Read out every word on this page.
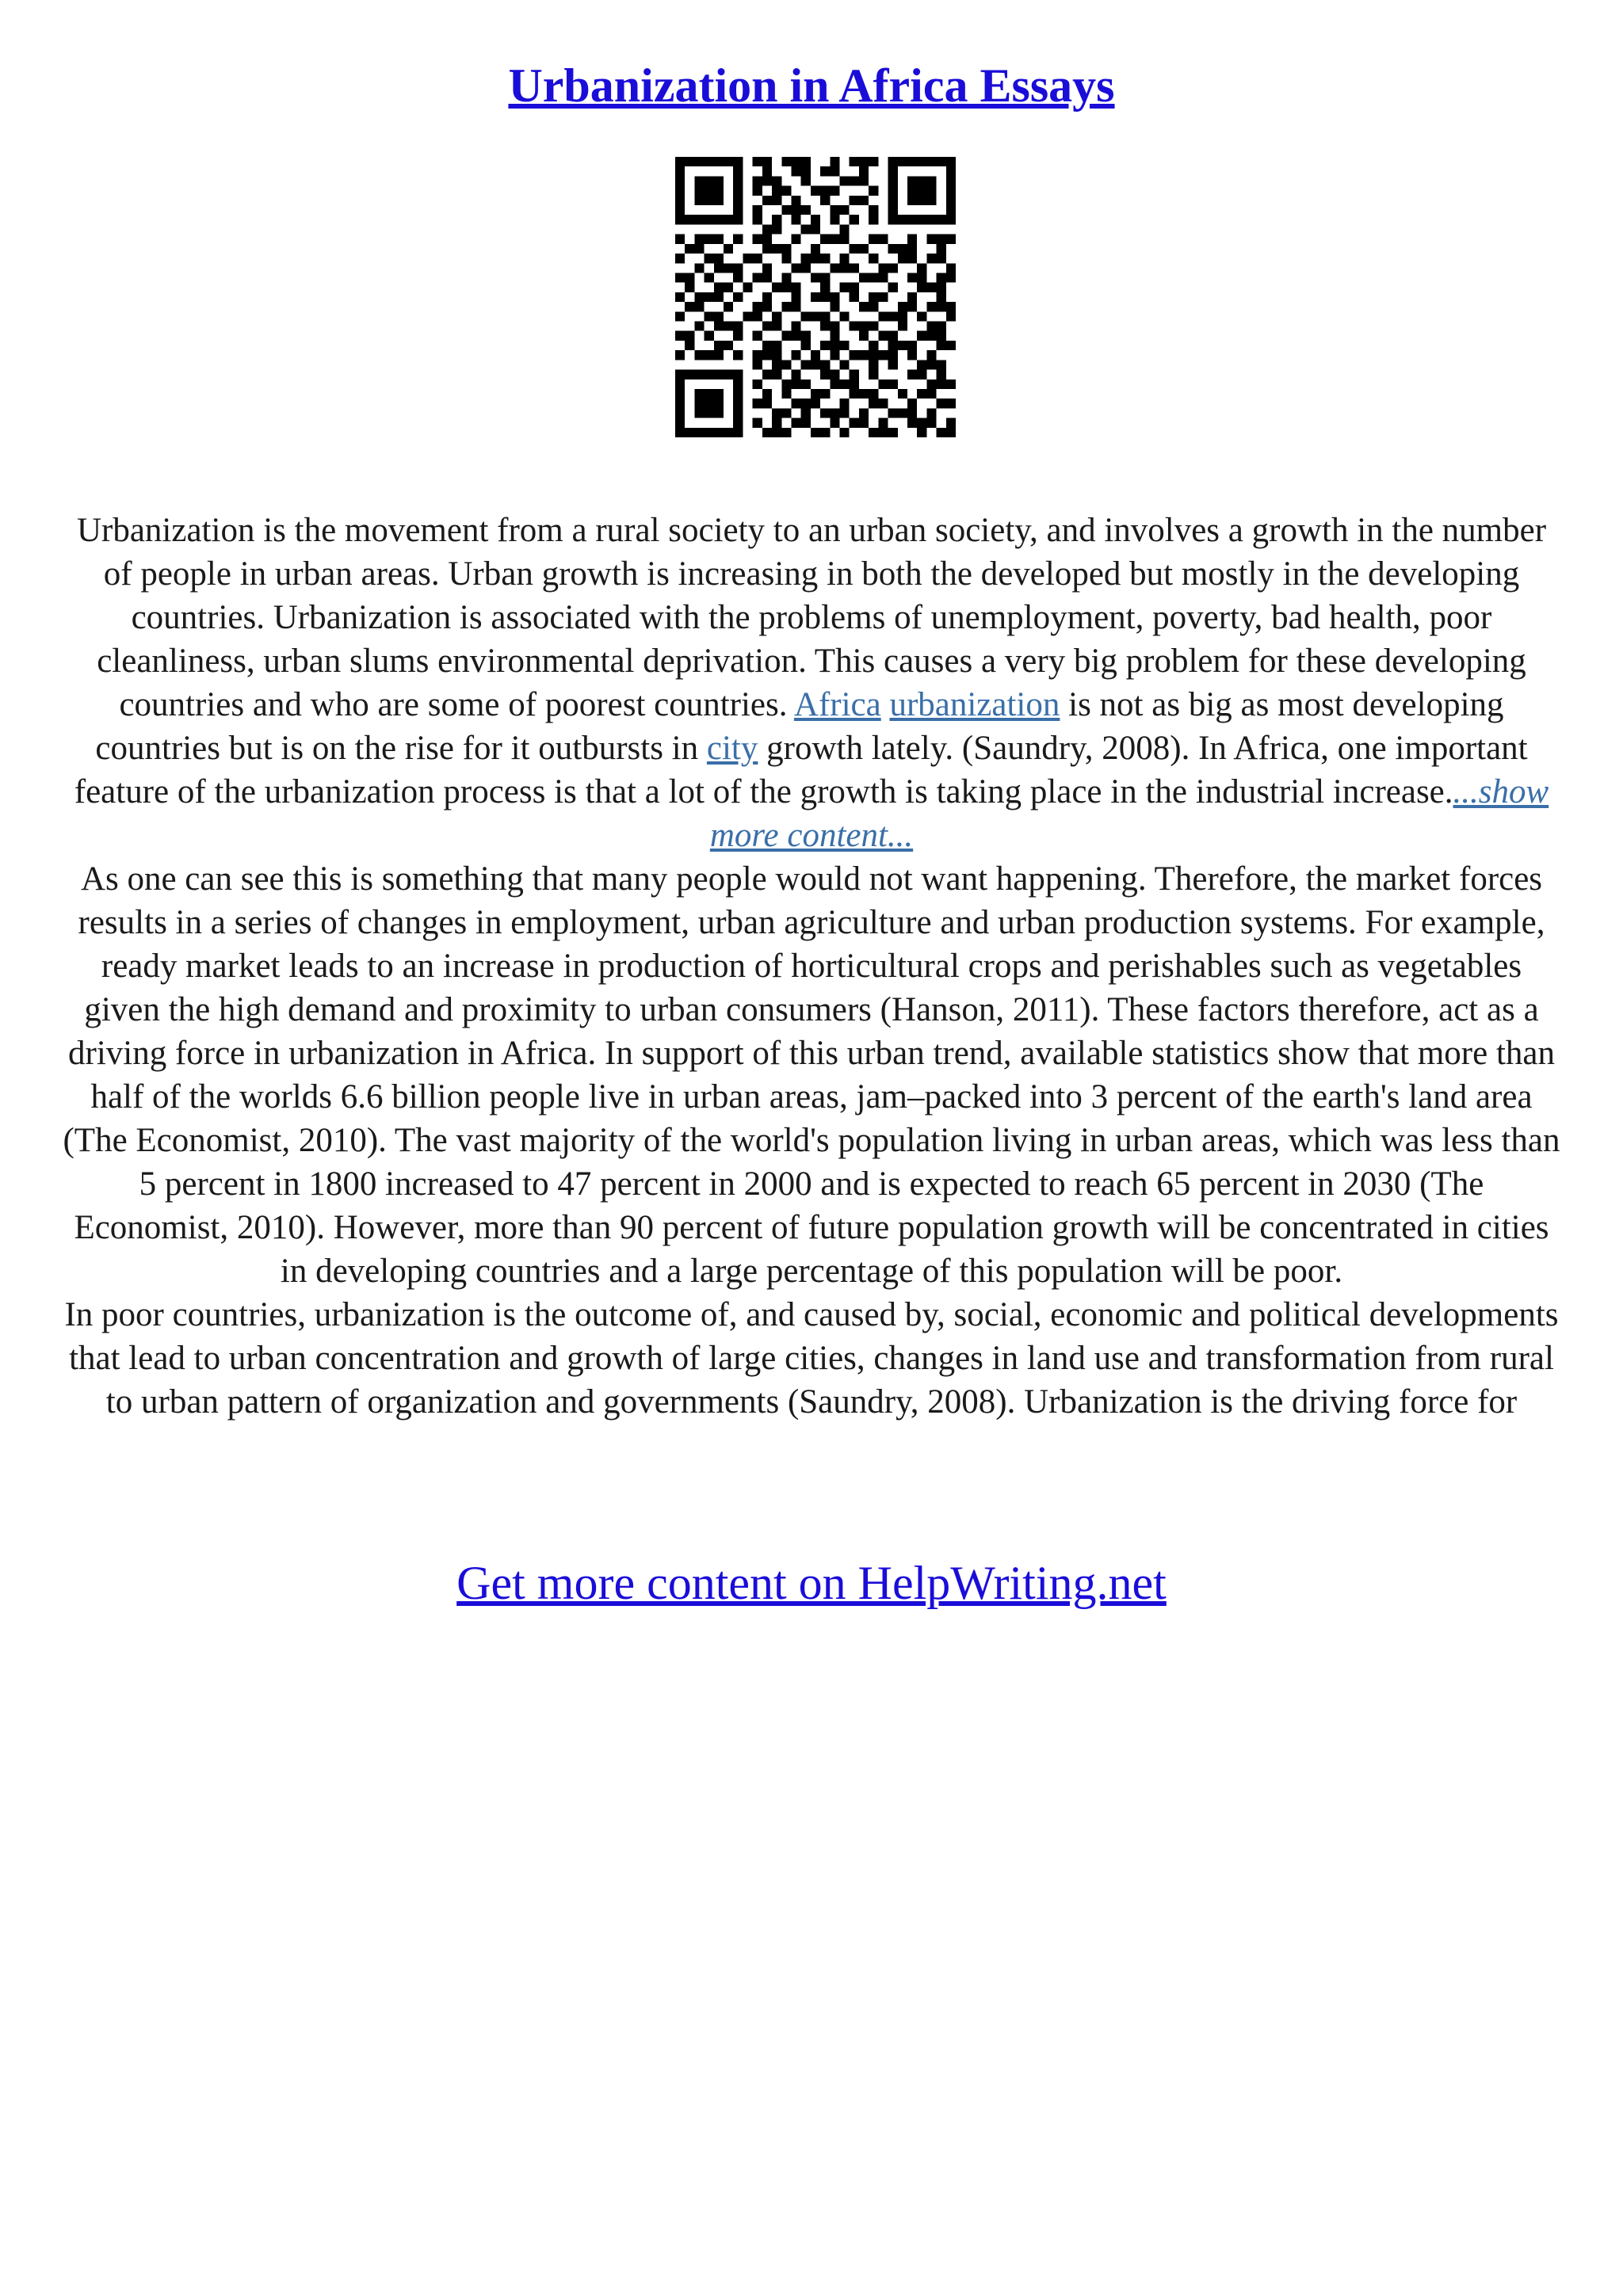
Urbanization in Africa Essays

Urbanization is the movement from a rural society to an urban society, and involves a growth in the number of people in urban areas. Urban growth is increasing in both the developed but mostly in the developing countries. Urbanization is associated with the problems of unemployment, poverty, bad health, poor cleanliness, urban slums environmental deprivation. This causes a very big problem for these developing countries and who are some of poorest countries. Africa urbanization is not as big as most developing countries but is on the rise for it outbursts in city growth lately. (Saundry, 2008). In Africa, one important feature of the urbanization process is that a lot of the growth is taking place in the industrial increase....show more content...

As one can see this is something that many people would not want happening. Therefore, the market forces results in a series of changes in employment, urban agriculture and urban production systems. For example, ready market leads to an increase in production of horticultural crops and perishables such as vegetables given the high demand and proximity to urban consumers (Hanson, 2011). These factors therefore, act as a driving force in urbanization in Africa. In support of this urban trend, available statistics show that more than half of the worlds 6.6 billion people live in urban areas, jam–packed into 3 percent of the earth's land area (The Economist, 2010). The vast majority of the world's population living in urban areas, which was less than 5 percent in 1800 increased to 47 percent in 2000 and is expected to reach 65 percent in 2030 (The Economist, 2010). However, more than 90 percent of future population growth will be concentrated in cities in developing countries and a large percentage of this population will be poor.

In poor countries, urbanization is the outcome of, and caused by, social, economic and political developments that lead to urban concentration and growth of large cities, changes in land use and transformation from rural to urban pattern of organization and governments (Saundry, 2008). Urbanization is the driving force for

Get more content on HelpWriting.net
